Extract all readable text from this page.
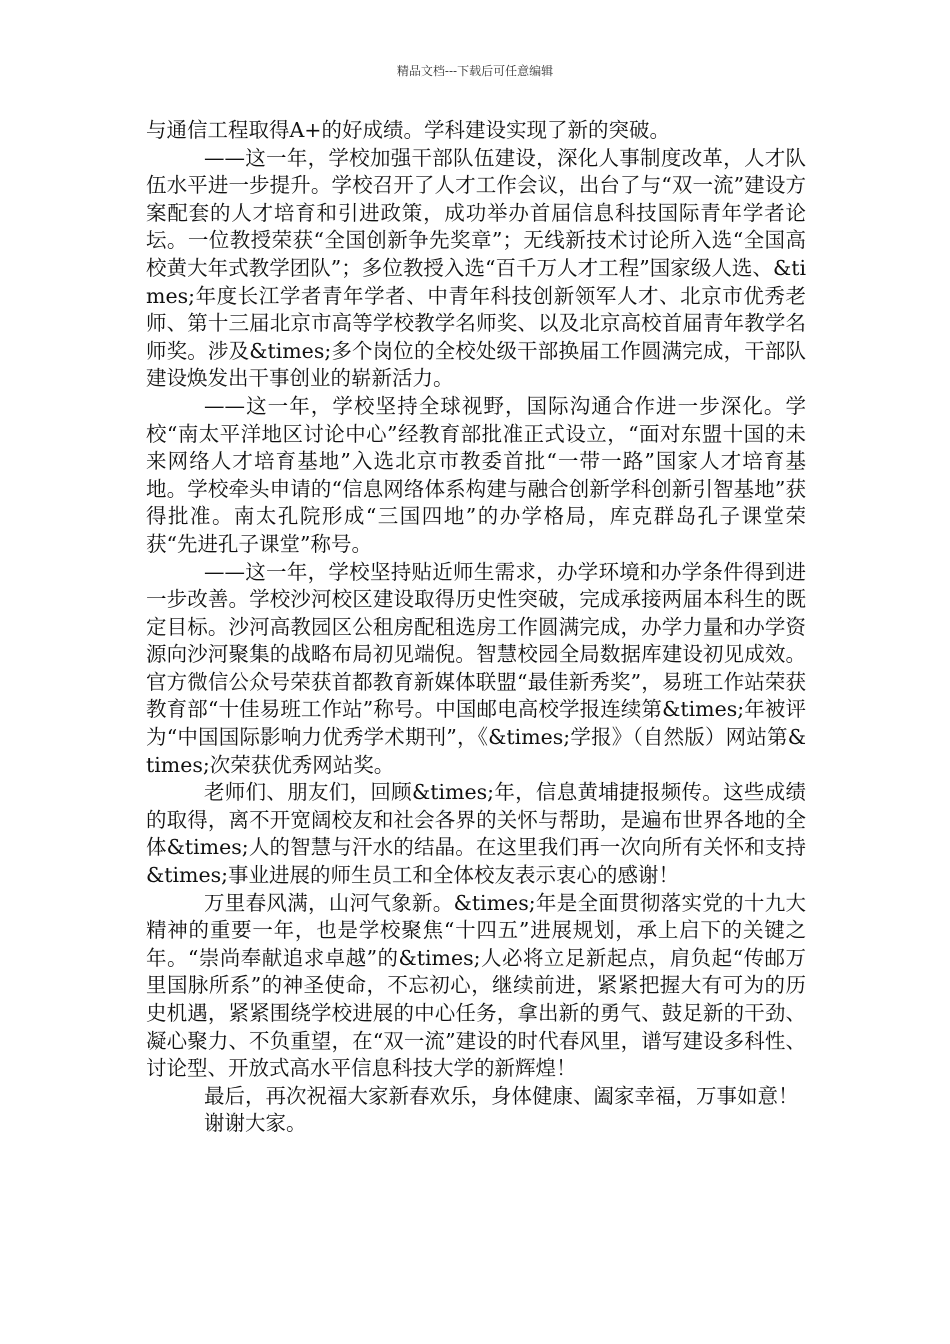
精品文档---下载后可任意编辑

与通信工程取得A+的好成绩。学科建设实现了新的突破。

——这一年，学校加强干部队伍建设，深化人事制度改革，人才队伍水平进一步提升。学校召开了人才工作会议，出台了与“双一流”建设方案配套的人才培育和引进政策，成功举办首届信息科技国际青年学者论坛。一位教授荣获“全国创新争先奖章”；无线新技术讨论所入选“全国高校黄大年式教学团队”；多位教授入选“百千万人才工程”国家级人选、&times;年度长江学者青年学者、中青年科技创新领军人才、北京市优秀老师、第十三届北京市高等学校教学名师奖、以及北京高校首届青年教学名师奖。涉及&times;多个岗位的全校处级干部换届工作圆满完成，干部队建设焕发出干事创业的崭新活力。

——这一年，学校坚持全球视野，国际沟通合作进一步深化。学校“南太平洋地区讨论中心”经教育部批准正式设立，“面对东盟十国的未来网络人才培育基地”入选北京市教委首批“一带一路”国家人才培育基地。学校牵头申请的“信息网络体系构建与融合创新学科创新引智基地”获得批准。南太孔院形成“三国四地”的办学格局，库克群岛孔子课堂荣获“先进孔子课堂”称号。

——这一年，学校坚持贴近师生需求，办学环境和办学条件得到进一步改善。学校沙河校区建设取得历史性突破，完成承接两届本科生的既定目标。沙河高教园区公租房配租选房工作圆满完成，办学力量和办学资源向沙河聚集的战略布局初见端倪。智慧校园全局数据库建设初见成效。官方微信公众号荣获首都教育新媒体联盟“最佳新秀奖”，易班工作站荣获教育部“十佳易班工作站”称号。中国邮电高校学报连续第&times;年被评为“中国国际影响力优秀学术期刊”，《&times;学报》（自然版）网站第&times;次荣获优秀网站奖。

老师们、朋友们，回顾&times;年，信息黄埔捷报频传。这些成绩的取得，离不开宽阔校友和社会各界的关怀与帮助，是遍布世界各地的全体&times;人的智慧与汗水的结晶。在这里我们再一次向所有关怀和支持&times;事业进展的师生员工和全体校友表示衷心的感谢！

万里春风满，山河气象新。&times;年是全面贯彻落实党的十九大精神的重要一年，也是学校聚焦“十四五”进展规划，承上启下的关键之年。“崇尚奉献追求卓越”的&times;人必将立足新起点，肩负起“传邮万里国脉所系”的神圣使命，不忘初心，继续前进，紧紧把握大有可为的历史机遇，紧紧围绕学校进展的中心任务，拿出新的勇气、鼓足新的干劲、凝心聚力、不负重望，在“双一流”建设的时代春风里，谱写建设多科性、讨论型、开放式高水平信息科技大学的新辉煌！

最后，再次祝福大家新春欢乐，身体健康、阖家幸福，万事如意！

谢谢大家。
